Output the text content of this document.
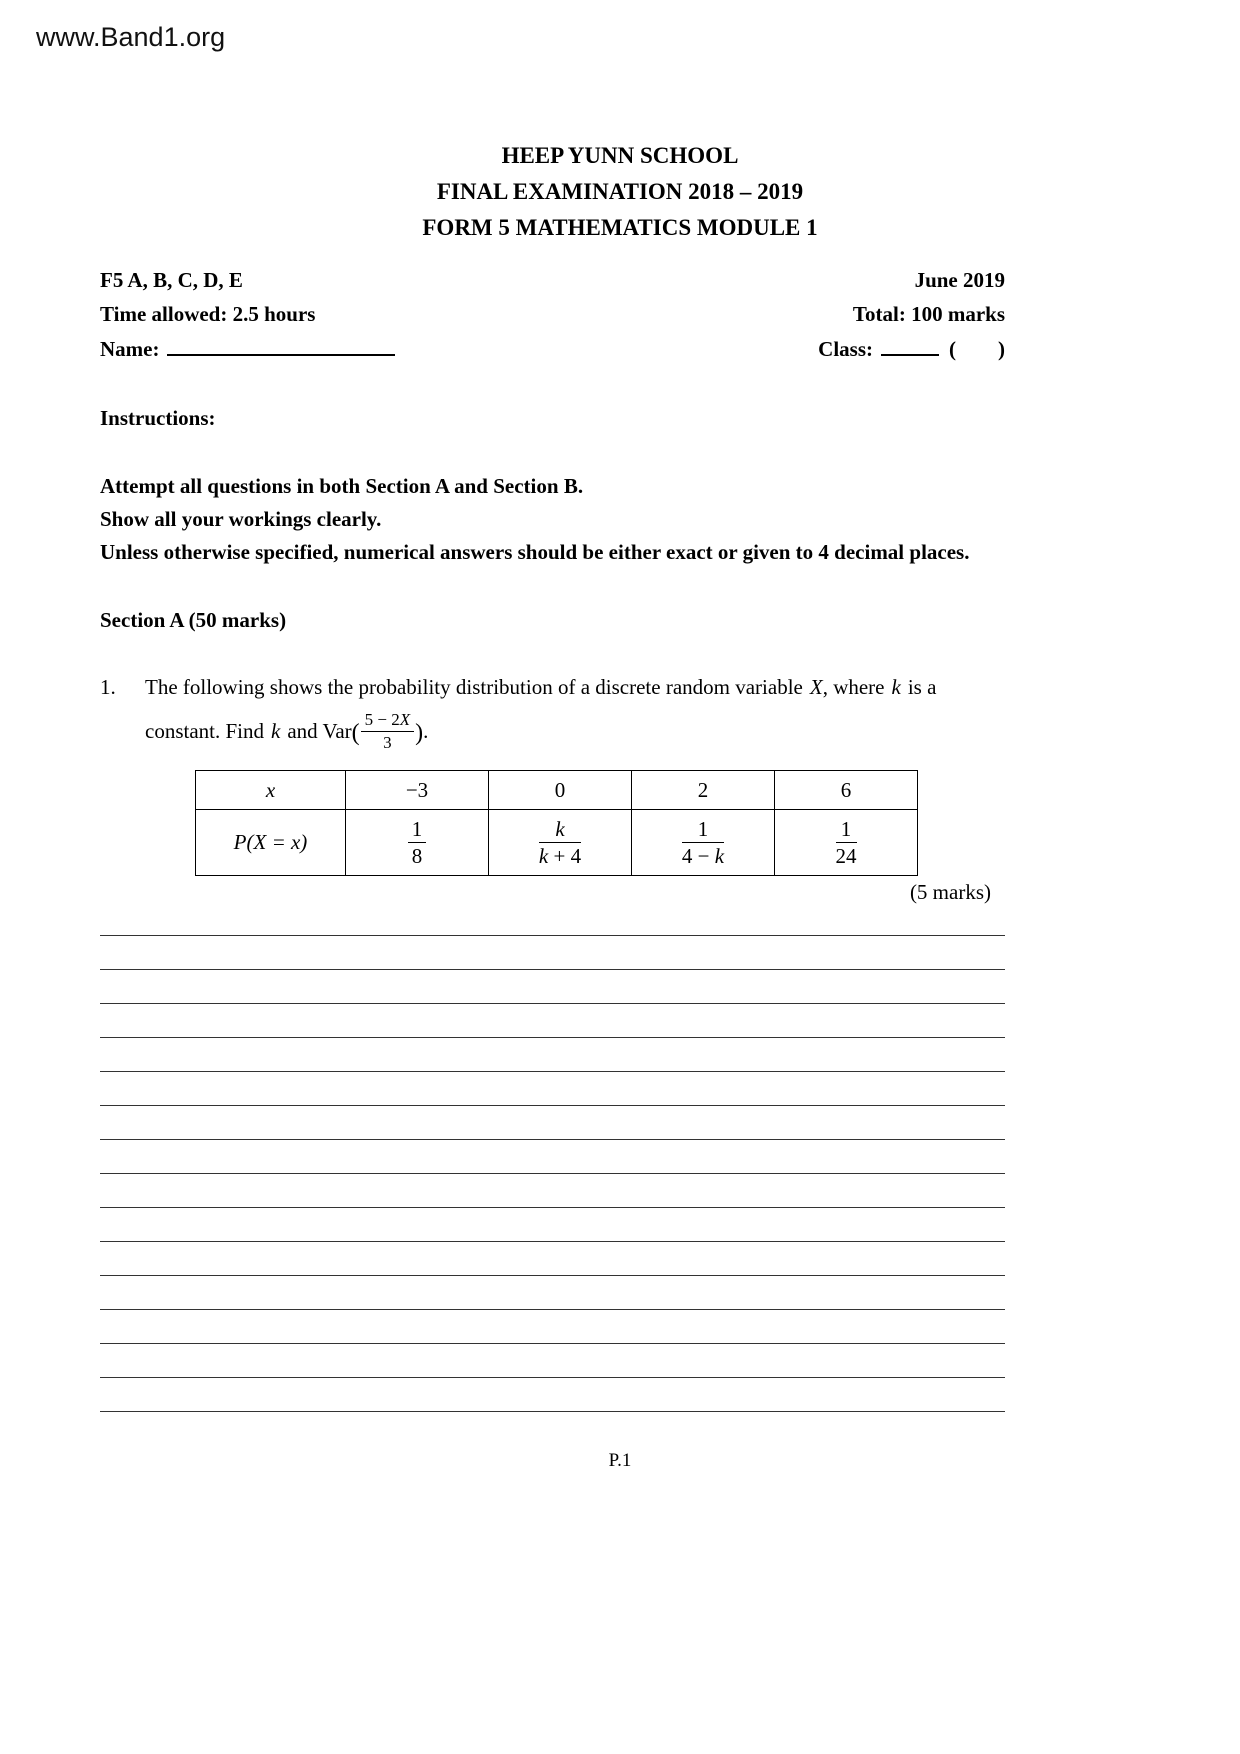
www.Band1.org
HEEP YUNN SCHOOL
FINAL EXAMINATION 2018 – 2019
FORM 5 MATHEMATICS MODULE 1
F5 A, B, C, D, E	June 2019
Time allowed: 2.5 hours	Total: 100 marks
Name:	Class:	(        )
Instructions:
Attempt all questions in both Section A and Section B.
Show all your workings clearly.
Unless otherwise specified, numerical answers should be either exact or given to 4 decimal places.
Section A (50 marks)
1. The following shows the probability distribution of a discrete random variable X, where k is a
constant. Find k and $Var( \frac{5 - 2X}{3}$ ).
x	−3	0	2	6
P(X = x)	$\frac{1}{8}$	$\frac{k}{k + 4}$	$\frac{1}{4 - k}$	$\frac{1}{24}$
(5 marks)
P.1
